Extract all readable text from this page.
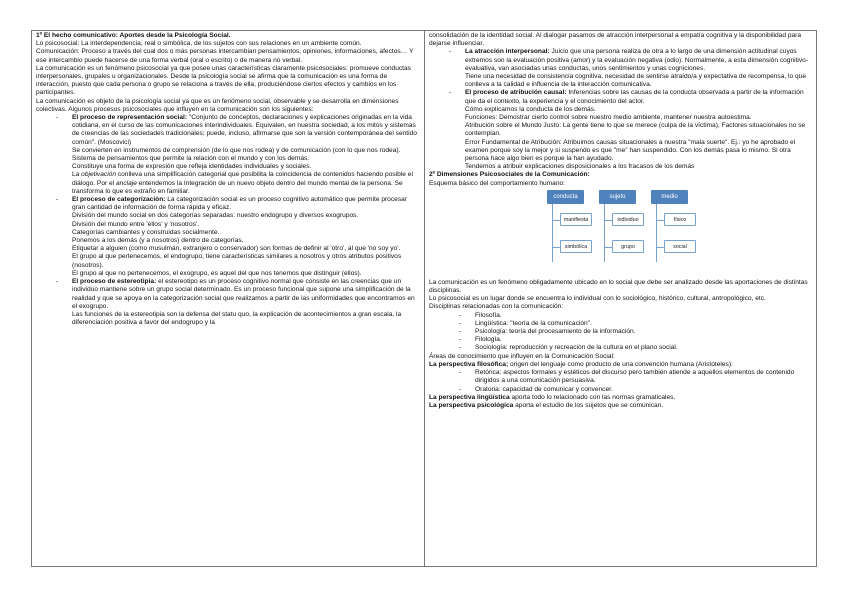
1º El hecho comunicativo: Aportes desde la Psicología Social.

Lo psicosocial: La interdependencia, real o simbólica, de los sujetos con sus relaciones en un ambiente común.

Comunicación: Proceso a través del cual dos o más personas intercambian pensamientos, opiniones, informaciones, afectos… Y ese intercambio puede hacerse de una forma verbal (oral o escrito) o de manera no verbal.

La comunicación es un fenómeno psicosocial ya que posee unas características claramente psicosociales: promueve conductas interpersonales, grupales u organizacionales. Desde la psicología social se afirma que la comunicación es una forma de interacción, puesto que cada persona o grupo se relaciona a través de ella, produciéndose ciertos efectos y cambios en los participantes.

La comunicación es objeto de la psicología social ya que es un fenómeno social, observable y se desarrolla en dimensiones colectivas. Algunos procesos psicosociales que influyen en la comunicación son los siguientes:

- El proceso de representación social: "Conjunto de conceptos, declaraciones y explicaciones originadas en la vida cotidiana, en el curso de las comunicaciones interindividuales. Equivalen, en nuestra sociedad, a los mitos y sistemas de creencias de las sociedades tradicionales; puede, incluso, afirmarse que son la versión contemporánea del sentido común". (Moscovici)
Se convierten en instrumentos de comprensión (de lo que nos rodea) y de comunicación (con lo que nos rodea).
Sistema de pensamientos que permite la relación con el mundo y con los demás.
Constituye una forma de expresión que refleja identidades individuales y sociales.
La objetivación conlleva una simplificación categorial que posibilita la coincidencia de contenidos haciendo posible el diálogo. Por el anclaje entendemos la Integración de un nuevo objeto dentro del mundo mental de la persona. Se transforma lo que es extraño en familiar.
- El proceso de categorización: La categorización social es un proceso cognitivo automático que permite procesar gran cantidad de información de forma rápida y eficaz.
División del mundo social en dos categorías separadas: nuestro endogrupo y diversos exogrupos.
División del mundo entre 'ellos' y 'nosotros'.
Categorías cambiantes y construidas socialmente.
Ponemos a los demás (y a nosotros) dentro de categorías.
Etiquetar a alguien (como musulmán, extranjero o conservador) son formas de definir al 'otro', al que 'no soy yo'.
El grupo al que pertenecemos, el endogrupo, tiene características similares a nosotros y otros atributos positivos (nosotros).
El grupo al que no pertenecemos, el exogrupo, es aquel del que nos tenemos que distinguir (ellos).
- El proceso de estereotipia: el estereotipo es un proceso cognitivo normal que consiste en las creencias que un individuo mantiene sobre un grupo social determinado. Es un proceso funcional que supone una simplificación de la realidad y que se apoya en la categorización social que realizamos a partir de las uniformidades que encontramos en el exogrupo.
Las funciones de la estereotipia son la defensa del statu quo, la explicación de acontecimientos a gran escala, la diferenciación positiva a favor del endogrupo y la

consolidación de la identidad social. Al dialogar pasamos de atracción interpersonal a empatía cognitiva y la disponibilidad para dejarse influenciar.

- La atracción interpersonal: Juicio que una persona realiza de otra a lo largo de una dimensión actitudinal cuyos extremos son la evaluación positiva (amor) y la evaluación negativa (odio). Normalmente, a esta dimensión cognitivo-evaluativa, van asociadas unas conductas, unos sentimientos y unas cogniciones.
Tiene una necesidad de consistencia cognitiva, necesidad de sentirse atraído/a y expectativa de recompensa, lo que conlleva a la calidad e influencia de la interacción comunicativa.
- El proceso de atribución causal: Inferencias sobre las causas de la conducta observada a partir de la información que da el contexto, la experiencia y el conocimiento del actor.
Cómo explicamos la conducta de los demás.
Funciones: Demostrar cierto control sobre nuestro medio ambiente, mantener nuestra autoestima.
Atribución sobre el Mundo Justo: La gente tiene lo que se merece (culpa de la víctima), Factores situacionales no se contemplan.
Error Fundamental de Atribución: Atribuimos causas situacionales a nuestra "mala suerte". Ej.: yo he aprobado el examen porque soy la mejor y si suspendo es que "me" han suspendido. Con los demás pasa lo mismo. Si otra persona hace algo bien es porque la han ayudado.
Tendemos a atribuir explicaciones disposicionales a los fracasos de los demás

2º Dimensiones Psicosociales de la Comunicación:

Esquema básico del comportamiento humano:

conducta
manifiesta
simbólica
sujeto
individuo
grupo
medio
físico
social

La comunicación es un fenómeno obligadamente ubicado en lo social que debe ser analizado desde las aportaciones de distintas disciplinas.

Lo psicosocial es un lugar donde se encuentra lo individual con lo sociológico, histórico, cultural, antropológico, etc.

Disciplinas relacionadas con la comunicación:

- Filosofía.
- Lingüística: "teoría de la comunicación".
- Psicología: teoría del procesamiento de la información.
- Filología.
- Sociología: reproducción y recreación de la cultura en el plano social.

Áreas de conocimiento que influyen en la Comunicación Social:

La perspectiva filosófica; origen del lenguaje como producto de una convención humana (Aristóteles):

- Retórica: aspectos formales y estéticos del discurso pero también atiende a aquellos elementos de contenido dirigidos a una comunicación persuasiva.
- Oratoria: capacidad de comunicar y convencer.

La perspectiva lingüística aporta todo lo relacionado con las normas gramaticales.

La perspectiva psicológica aporta el estudio de los sujetos que se comunican.
